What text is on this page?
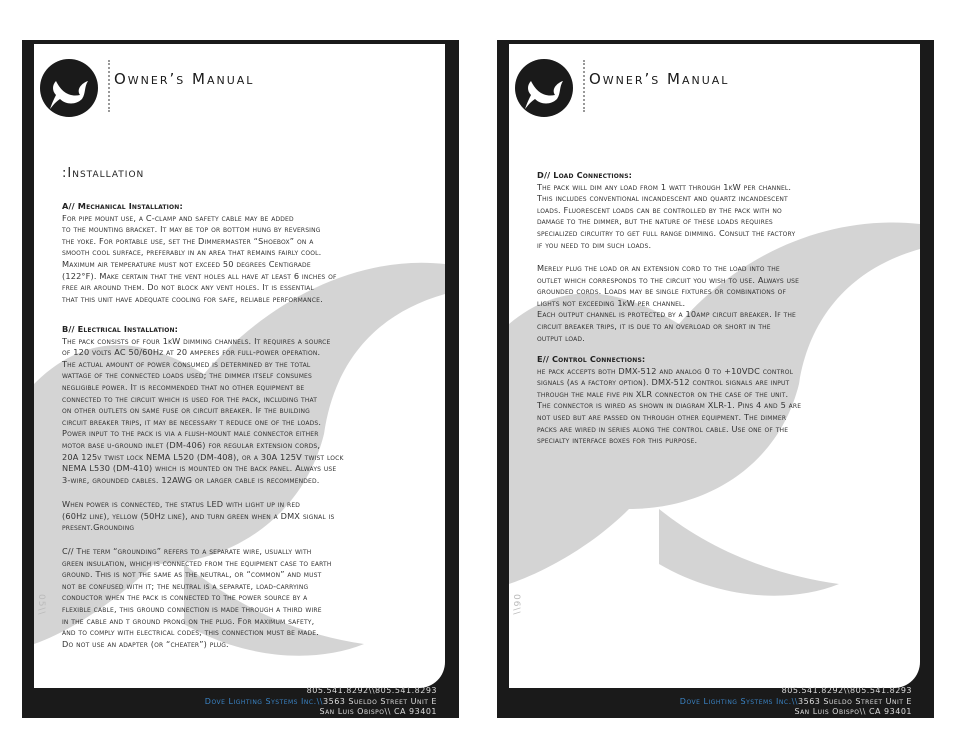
Owner’s Manual
:Installation
A// Mechanical Installation:
For pipe mount use, a C-clamp and safety cable may be added
to the mounting bracket. It may be top or bottom hung by reversing
the yoke. For portable use, set the Dimmermaster “Shoebox” on a
smooth cool surface, preferably in an area that remains fairly cool.
Maximum air temperature must not exceed 50 degrees Centigrade
(122°F). Make certain that the vent holes all have at least 6 inches of
free air around them. Do not block any vent holes. It is essential
that this unit have adequate cooling for safe, reliable performance.
B// Electrical Installation:
The pack consists of four 1kW dimming channels. It requires a source
of 120 volts AC 50/60Hz at 20 amperes for full-power operation.
The actual amount of power consumed is determined by the total
wattage of the connected loads used; the dimmer itself consumes
negligible power. It is recommended that no other equipment be
connected to the circuit which is used for the pack, including that
on other outlets on same fuse or circuit breaker. If the building
circuit breaker trips, it may be necessary t reduce one of the loads.
Power input to the pack is via a flush-mount male connector either
motor base u-ground inlet (DM-406) for regular extension cords,
20A 125v twist lock NEMA L520 (DM-408), or a 30A 125V twist lock
NEMA L530 (DM-410) which is mounted on the back panel. Always use
3-wire, grounded cables. 12AWG or larger cable is recommended.
When power is connected, the status LED with light up in red
(60Hz line), yellow (50Hz line), and turn green when a DMX signal is
present.Grounding
C// The term “grounding” refers to a separate wire, usually with
green insulation, which is connected from the equipment case to earth
ground. This is not the same as the neutral, or “common” and must
not be confused with it; the neutral is a separate, load-carrying
conductor when the pack is connected to the power source by a
flexible cable, this ground connection is made through a third wire
in the cable and t ground prong on the plug. For maximum safety,
and to comply with electrical codes, this connection must be made.
Do not use an adapter (or “cheater”) plug.
05\\
805.541.8292\\805.541.8293
Dove Lighting Systems Inc.\\3563 Sueldo Street Unit E
San Luis Obispo\\ CA 93401
Owner’s Manual
D// Load Connections:
The pack will dim any load from 1 watt through 1kW per channel.
This includes conventional incandescent and quartz incandescent
loads. Fluorescent loads can be controlled by the pack with no
damage to the dimmer, but the nature of these loads requires
specialized circuitry to get full range dimming. Consult the factory
if you need to dim such loads.
Merely plug the load or an extension cord to the load into the
outlet which corresponds to the circuit you wish to use. Always use
grounded cords. Loads may be single fixtures or combinations of
lights not exceeding 1kW per channel.
Each output channel is protected by a 10amp circuit breaker. If the
circuit breaker trips, it is due to an overload or short in the
output load.
E// Control Connections:
he pack accepts both DMX-512 and analog 0 to +10VDC control
signals (as a factory option). DMX-512 control signals are input
through the male five pin XLR connector on the case of the unit.
The connector is wired as shown in diagram XLR-1. Pins 4 and 5 are
not used but are passed on through other equipment. The dimmer
packs are wired in series along the control cable. Use one of the
specialty interface boxes for this purpose.
06\\
805.541.8292\\805.541.8293
Dove Lighting Systems Inc.\\3563 Sueldo Street Unit E
San Luis Obispo\\ CA 93401
